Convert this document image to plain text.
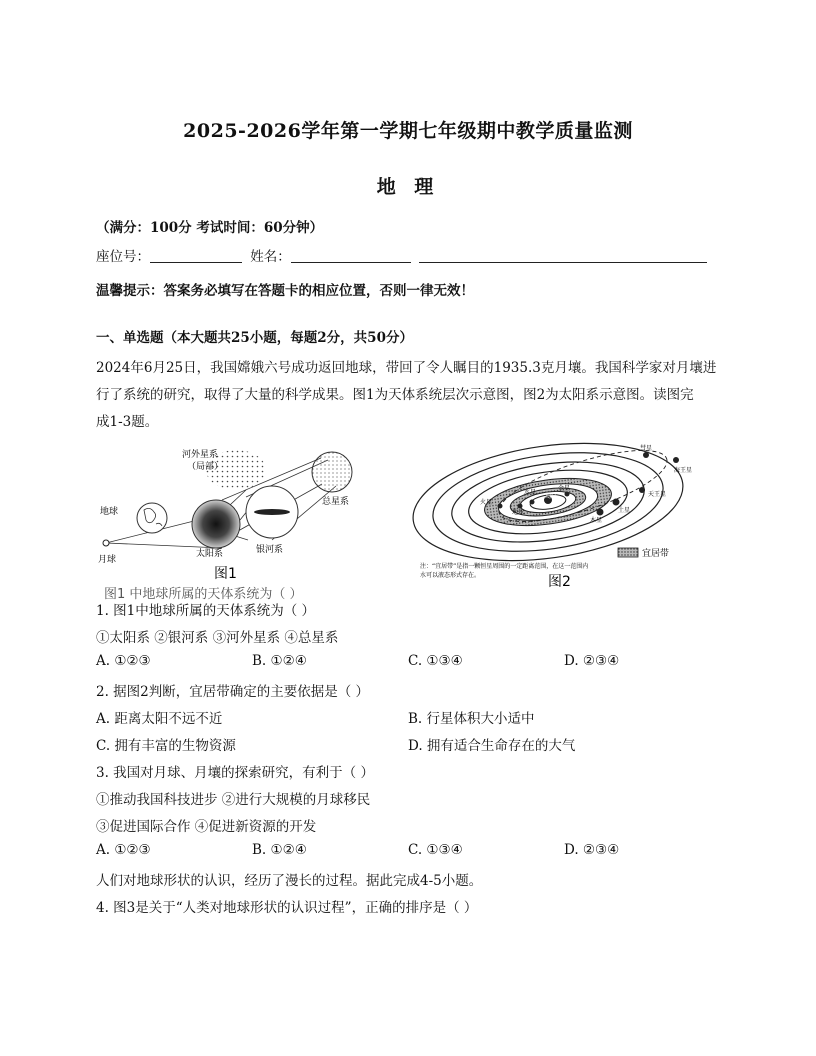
2025-2026学年第一学期七年级期中教学质量监测
地 理
（满分：100分 考试时间：60分钟）
座位号：	姓名：
温馨提示：答案务必填写在答题卡的相应位置，否则一律无效！
一、单选题（本大题共25小题，每题2分，共50分）
2024年6月25日，我国嫦娥六号成功返回地球，带回了令人瞩目的1935.3克月壤。我国科学家对月壤进
行了系统的研究，取得了大量的科学成果。图1为天体系统层次示意图，图2为太阳系示意图。读图完
成1-3题。
河外星系
（局部）
地球
月球
太阳系	银河系
总星系
图1
图1 中地球所属的天体系统为（ ）
太阳
水星
金星
地球
火星
木星
土星
天王星
海王星
彗星
宜居带
注：“宜居带”是指一颗恒星周围的一定距离范围，在这一范围内
水可以液态形式存在。	图2
1. 图1中地球所属的天体系统为（ ）
①太阳系 ②银河系 ③河外星系 ④总星系
A. ①②③	B. ①②④	C. ①③④	D. ②③④
2. 据图2判断，宜居带确定的主要依据是（ ）
A. 距离太阳不远不近	B. 行星体积大小适中
C. 拥有丰富的生物资源	D. 拥有适合生命存在的大气
3. 我国对月球、月壤的探索研究，有利于（ ）
①推动我国科技进步 ②进行大规模的月球移民
③促进国际合作 ④促进新资源的开发
A. ①②③	B. ①②④	C. ①③④	D. ②③④
人们对地球形状的认识，经历了漫长的过程。据此完成4-5小题。
4. 图3是关于“人类对地球形状的认识过程”，正确的排序是（ ）
